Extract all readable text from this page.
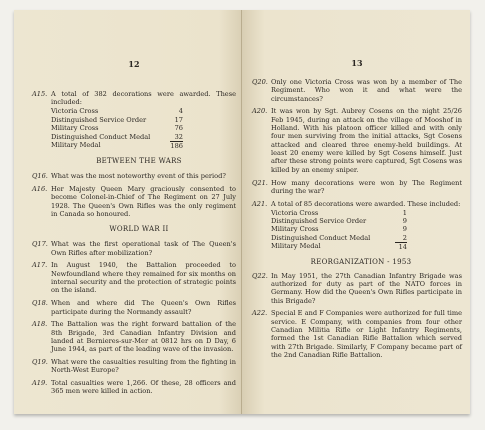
12
A15. A total of 382 decorations were awarded. These included:
Victoria Cross	4
Distinguished Service Order	17
Military Cross	76
Distinguished Conduct Medal	32
Military Medal	186
BETWEEN THE WARS
Q16. What was the most noteworthy event of this period?
A16. Her Majesty Queen Mary graciously consented to become Colonel-in-Chief of The Regiment on 27 July 1928. The Queen's Own Rifles was the only regiment in Canada so honoured.
WORLD WAR II
Q17. What was the first operational task of The Queen's Own Rifles after mobilization?
A17. In August 1940, the Battalion proceeded to Newfoundland where they remained for six months on internal security and the protection of strategic points on the island.
Q18. When and where did The Queen's Own Rifles participate during the Normandy assault?
A18. The Battalion was the right forward battalion of the 8th Brigade, 3rd Canadian Infantry Division and landed at Bernieres-sur-Mer at 0812 hrs on D Day, 6 June 1944, as part of the leading wave of the invasion.
Q19. What were the casualties resulting from the fighting in North-West Europe?
A19. Total casualties were 1,266. Of these, 28 officers and 365 men were killed in action.
13
Q20. Only one Victoria Cross was won by a member of The Regiment. Who won it and what were the circumstances?
A20. It was won by Sgt. Aubrey Cosens on the night 25/26 Feb 1945, during an attack on the village of Mooshof in Holland. With his platoon officer killed and with only four men surviving from the initial attacks, Sgt Cosens attacked and cleared three enemy-held buildings. At least 20 enemy were killed by Sgt Cosens himself. Just after these strong points were captured, Sgt Cosens was killed by an enemy sniper.
Q21. How many decorations were won by The Regiment during the war?
A21. A total of 85 decorations were awarded. These included:
Victoria Cross	1
Distinguished Service Order	9
Military Cross	9
Distinguished Conduct Medal	2
Military Medal	14
REORGANIZATION - 1953
Q22. In May 1951, the 27th Canadian Infantry Brigade was authorized for duty as part of the NATO forces in Germany. How did the Queen's Own Rifles participate in this Brigade?
A22. Special E and F Companies were authorized for full time service. E Company, with companies from four other Canadian Militia Rifle or Light Infantry Regiments, formed the 1st Canadian Rifle Battalion which served with 27th Brigade. Similarly, F Company became part of the 2nd Canadian Rifle Battalion.
